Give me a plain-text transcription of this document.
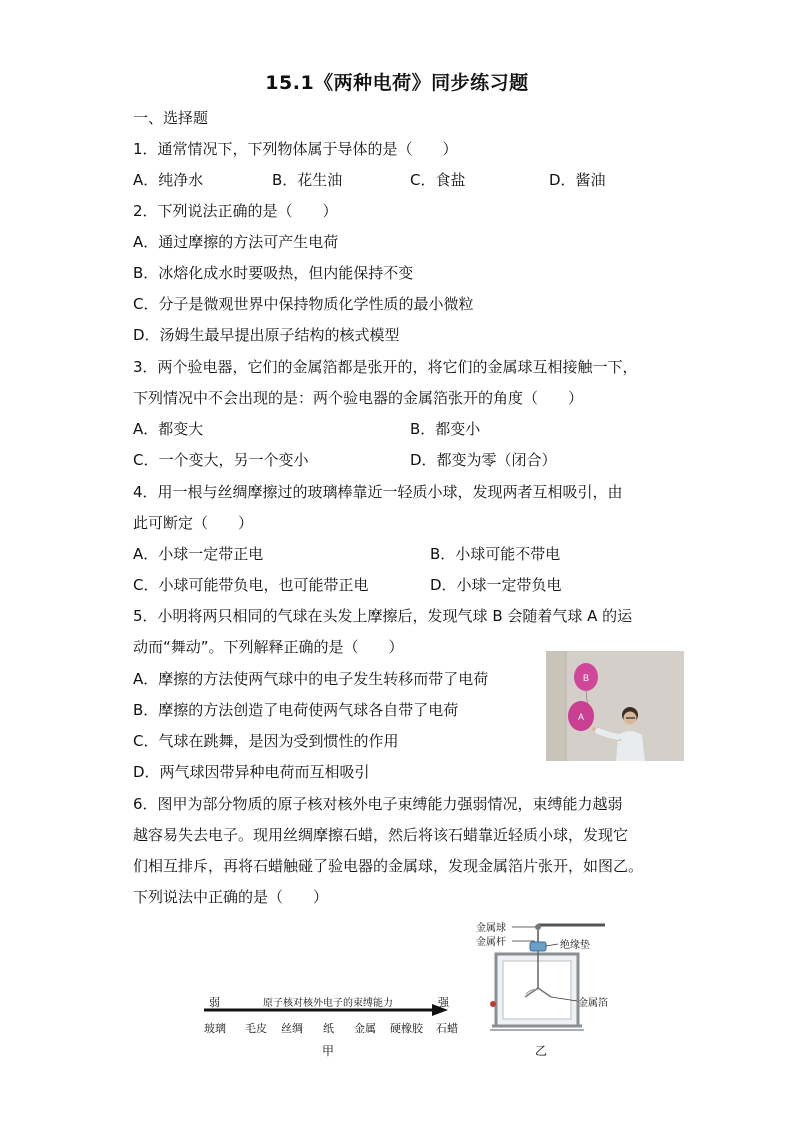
15.1《两种电荷》同步练习题
一、选择题
1．通常情况下，下列物体属于导体的是（　　）
A．纯净水	B．花生油	C．食盐	D．酱油
2．下列说法正确的是（　　）
A．通过摩擦的方法可产生电荷
B．冰熔化成水时要吸热，但内能保持不变
C．分子是微观世界中保持物质化学性质的最小微粒
D．汤姆生最早提出原子结构的核式模型
3．两个验电器，它们的金属箔都是张开的，将它们的金属球互相接触一下，
下列情况中不会出现的是：两个验电器的金属箔张开的角度（　　）
A．都变大	B．都变小
C．一个变大，另一个变小	D．都变为零（闭合）
4．用一根与丝绸摩擦过的玻璃棒靠近一轻质小球，发现两者互相吸引，由
此可断定（　　）
A．小球一定带正电	B．小球可能不带电
C．小球可能带负电，也可能带正电	D．小球一定带负电
5．小明将两只相同的气球在头发上摩擦后，发现气球 B 会随着气球 A 的运
动而“舞动”。下列解释正确的是（　　）
A．摩擦的方法使两气球中的电子发生转移而带了电荷
B．摩擦的方法创造了电荷使两气球各自带了电荷
C．气球在跳舞，是因为受到惯性的作用
D．两气球因带异种电荷而互相吸引
B
A
6．图甲为部分物质的原子核对核外电子束缚能力强弱情况，束缚能力越弱
越容易失去电子。现用丝绸摩擦石蜡，然后将该石蜡靠近轻质小球，发现它
们相互排斥，再将石蜡触碰了验电器的金属球，发现金属箔片张开，如图乙。
下列说法中正确的是（　　）
弱	原子核对核外电子的束缚能力	强
玻璃 毛皮 丝绸 纸 金属 硬橡胶 石蜡
甲
金属球
金属杆	绝缘垫
金属箔
乙
